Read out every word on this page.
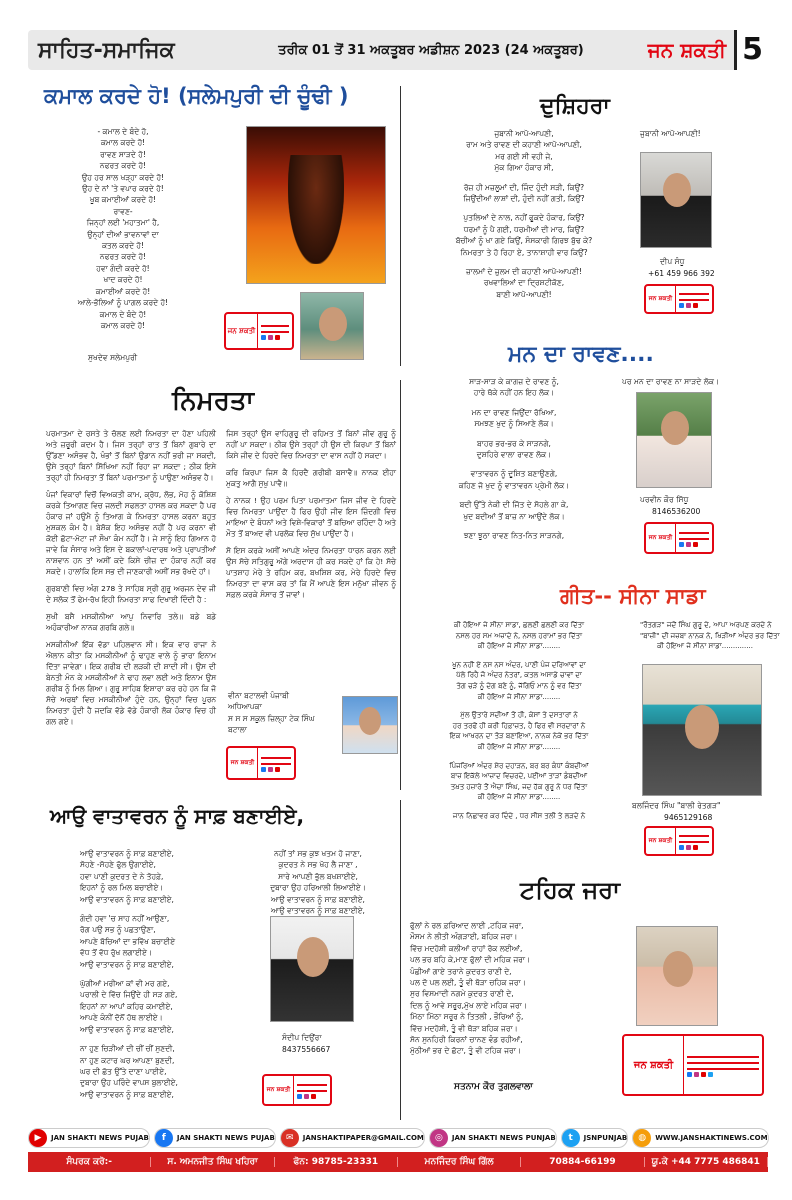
ਸਾਹਿਤ-ਸਮਾਜਿਕ	ਤਰੀਕ 01 ਤੋਂ 31 ਅਕਤੂਬਰ ਅਡੀਸ਼ਨ 2023 (24 ਅਕਤੂਬਰ)	ਜਨ ਸ਼ਕਤੀ 5
ਕਮਾਲ ਕਰਦੇ ਹੋ! (ਸਲੇਮਪੁਰੀ ਦੀ ਚੂੰਢੀ )
- ਕਮਾਲ ਦੇ ਬੰਦੇ ਹੋ,
ਕਮਾਲ ਕਰਦੇ ਹੋ!
ਰਾਵਣ ਸਾੜਦੇ ਹੋ!
ਨਫਰਤ ਕਰਦੇ ਹੋ!
ਉਹ ਹਰ ਸਾਲ ਖੜ੍ਹਾ ਕਰਦੇ ਹੋ!
ਉਹ ਦੇ ਨਾਂ 'ਤੇ ਵਪਾਰ ਕਰਦੇ ਹੋ!
ਖੂਬ ਕਮਾਈਆਂ ਕਰਦੇ ਹੋ!
ਰਾਵਣ-
ਜਿਨ੍ਹਾਂ ਲਈ 'ਮਹਾਤਮਾ' ਹੈ,
ਉਨ੍ਹਾਂ ਦੀਆਂ ਭਾਵਨਾਵਾਂ ਦਾ
ਕਤਲ ਕਰਦੇ ਹੋ!
ਨਫਰਤ ਕਰਦੇ ਹੋ!
ਹਵਾ ਗੰਦੀ ਕਰਦੇ ਹੋ!
ਖਾਦ ਕਰਦੇ ਹੋ!
ਕਮਾਈਆਂ ਕਰਦੇ ਹੋ!
ਆਲੇ-ਭੋਲਿਆਂ ਨੂੰ ਪਾਗਲ ਕਰਦੇ ਹੋ!
ਕਮਾਲ ਦੇ ਬੰਦੇ ਹੋ!
ਕਮਾਲ ਕਰਦੇ ਹੋ!
ਸੁਖਦੇਵ ਸਲੇਮਪੁਰੀ
ਜਨ ਸ਼ਕਤੀ
ਦੁਸ਼ਿਹਰਾ
ਜੁਬਾਨੀ ਆਪੋ-ਆਪਣੀ,
ਰਾਮ ਅਤੇ ਰਾਵਣ ਦੀ ਕਹਾਣੀ ਆਪੋ-ਆਪਣੀ,
ਮਰ ਗਈ ਸੀ ਵਹੀ ਜੇ,
ਮੁੱਕ ਗਿਆ ਹੰਕਾਰ ਸੀ,
ਰੋਜ਼ ਹੀ ਮਜ਼ਲੂਮਾਂ ਦੀ, ਜਿੰਦ ਹੁੰਦੀ ਸੜੀ, ਕਿਉਂ?
ਜਿਉਂਦੀਆਂ ਲਾਸ਼ਾਂ ਦੀ, ਹੁੰਦੀ ਨਹੀਂ ਗਤੀ, ਕਿਉਂ?
ਪੁਤਲਿਆਂ ਦੇ ਨਾਲ, ਨਹੀਂ ਫੂਕਦੇ ਹੰਕਾਰ, ਕਿਉਂ?
ਧਰਮਾਂ ਨੂੰ ਪੈ ਗਈ, ਧਰਮੀਆਂ ਦੀ ਮਾਰ, ਕਿਉਂ?
ਬੱਚੀਆਂ ਨੂੰ ਖਾ ਗਏ ਕਿਉਂ, ਸੰਸਕਾਰੀ ਗਿਰਝ ਬੁੱਢ ਕੇ?
ਨਿਮਰਤਾ ਤੇ ਹੋ ਰਿਹਾ ਏ, ਤਾਨਾਸ਼ਾਹੀ ਵਾਰ ਕਿਉਂ?
ਜ਼ਾਲਮਾਂ ਦੇ ਜ਼ੁਲਮ ਦੀ ਕਹਾਣੀ ਆਪੋ-ਆਪਣੀ!
ਰਖਵਾਲਿਆਂ ਦਾ ਦ੍ਰਿਸ਼ਟੀਕੋਣ,
ਬਾਣੀ ਆਪੋ-ਆਪਣੀ!
ਜੁਬਾਨੀ ਆਪੋ-ਆਪਣੀ!
ਦੀਪ ਸੰਧੂ
+61 459 966 392
ਜਨ ਸ਼ਕਤੀ
ਨਿਮਰਤਾ

ਪਰਮਾਤਮਾ ਦੇ ਰਸਤੇ ਤੇ ਚੱਲਣ ਲਈ ਨਿਮਰਤਾ ਦਾ ਹੋਣਾ ਪਹਿਲੀ ਅਤੇ ਜ਼ਰੂਰੀ ਕਦਮ ਹੈ। ਜਿਸ ਤਰ੍ਹਾਂ ਰਾਤ ਤੋਂ ਬਿਨਾਂ ਗੁਬਾਰੇ ਦਾ ਉੱਡਣਾ ਅਸੰਭਵ ਹੈ, ਖੰਭਾਂ ਤੋਂ ਬਿਨਾਂ ਉਡਾਨ ਨਹੀਂ ਭਰੀ ਜਾ ਸਕਦੀ, ਉਸੇ ਤਰ੍ਹਾਂ ਬਿਨਾਂ ਸਿੱਖਿਆ ਨਹੀਂ ਰਿਹਾ ਜਾ ਸਕਦਾ ; ਠੀਕ ਇਸੇ ਤਰ੍ਹਾਂ ਹੀ ਨਿਮਰਤਾ ਤੋਂ ਬਿਨਾਂ ਪਰਮਾਤਮਾ ਨੂੰ ਪਾਉਣਾ ਅਸੰਭਵ ਹੈ।

ਪੰਜਾਂ ਵਿਕਾਰਾਂ ਵਿਚੋਂ ਵਿਅਕਤੀ ਕਾਮ, ਕ੍ਰੋਧ, ਲੋਭ, ਮੋਹ ਨੂੰ ਕੋਸ਼ਿਸ਼ ਕਰਕੇ ਤਿਆਗਣ ਵਿਚ ਜਲਦੀ ਸਫਲਤਾ ਹਾਸਲ ਕਰ ਸਕਦਾ ਹੈ ਪਰ ਹੰਕਾਰ ਜਾਂ ਹਉਮੈ ਨੂੰ ਤਿਆਗ ਕੇ ਨਿਮਰਤਾ ਹਾਸਲ ਕਰਨਾ ਬਹੁਤ ਮੁਸ਼ਕਲ ਕੰਮ ਹੈ। ਬੇਸ਼ੱਕ ਇਹ ਅਸੰਭਵ ਨਹੀਂ ਹੈ ਪਰ ਕਰਨਾ ਵੀ ਕੋਈ ਛੋਟਾ-ਮੋਟਾ ਜਾਂ ਸੌਖਾ ਕੰਮ ਨਹੀਂ ਹੈ। ਜੇ ਸਾਨੂੰ ਇਹ ਗਿਆਨ ਹੋ ਜਾਵੇ ਕਿ ਸੰਸਾਰ ਅਤੇ ਇਸ ਦੇ ਬਕਾਲਾਂ-ਪਦਾਰਥ ਅਤੇ ਪ੍ਰਾਪਤੀਆਂ ਨਾਸ਼ਵਾਨ ਹਨ ਤਾਂ ਅਸੀਂ ਕਦੇ ਕਿਸੇ ਚੀਜ਼ ਦਾ ਹੰਕਾਰ ਨਹੀਂ ਕਰ ਸਕਦੇ। ਹਾਲਾਂਕਿ ਇਸ ਸਭ ਦੀ ਜਾਣਕਾਰੀ ਅਸੀਂ ਸਭ ਰੱਖਦੇ ਹਾਂ।

ਗੁਰਬਾਣੀ ਵਿਚ ਅੰਗ 278 ਤੇ ਸਾਹਿਬ ਸ੍ਰੀ ਗੁਰੂ ਅਰਜਨ ਦੇਵ ਜੀ ਦੇ ਸਲੋਕ ਤੋਂ ਫੇਮ-ਰੱਖ ਇਹੀ ਨਿਮਰਤਾ ਸਾਫ ਦਿਖਾਈ ਦਿੰਦੀ ਹੈ :

ਸੁਖੀ ਬਸੈ ਮਸਕੀਨੀਆ ਆਪੁ ਨਿਵਾਰਿ ਤਲੇ॥ ਬਡੇ ਬਡੇ ਅਹੰਕਾਰੀਆ ਨਾਨਕ ਗਰਬਿ ਗਲੇ॥

ਮਸਕੀਨੀਆਂ ਇੱਕ ਵੱਡਾ ਪਹਿਲਵਾਨ ਸੀ। ਇਕ ਵਾਰ ਰਾਜਾ ਨੇ ਐਲਾਨ ਕੀਤਾ ਕਿ ਮਸਕੀਨੀਆਂ ਨੂੰ ਢਾਹੁਣ ਵਾਲੇ ਨੂੰ ਭਾਰਾ ਇਨਾਮ ਦਿੱਤਾ ਜਾਵੇਗਾ। ਇਕ ਗਰੀਬ ਦੀ ਲੜਕੀ ਦੀ ਸ਼ਾਦੀ ਸੀ। ਉਸ ਦੀ ਬੇਨਤੀ ਮੰਨ ਕੇ ਮਸਕੀਨੀਆਂ ਨੇ ਢਾਹ ਲਵਾ ਲਈ ਅਤੇ ਇਨਾਮ ਉਸ ਗਰੀਬ ਨੂੰ ਮਿਲ ਗਿਆ। ਗੁਰੂ ਸਾਹਿਬ ਇਸ਼ਾਰਾ ਕਰ ਰਹੇ ਹਨ ਕਿ ਜੋ ਸੱਚੇ ਅਰਥਾਂ ਵਿਚ ਮਸਕੀਨੀਆਂ ਹੁੰਦੇ ਹਨ, ਉਨ੍ਹਾਂ ਵਿਚ ਪੂਰਨ ਨਿਮਰਤਾ ਹੁੰਦੀ ਹੈ ਜਦਕਿ ਵੱਡੇ ਵੱਡੇ ਹੰਕਾਰੀ ਲੋਕ ਹੰਕਾਰ ਵਿਚ ਹੀ ਗਲ ਗਏ।

ਜਿਸ ਤਰ੍ਹਾਂ ਉਸ ਵਾਹਿਗੁਰੂ ਦੀ ਰਹਿਮਤ ਤੋਂ ਬਿਨਾਂ ਜੀਵ ਗੁਰੂ ਨੂੰ ਨਹੀਂ ਪਾ ਸਕਦਾ। ਠੀਕ ਉਸੇ ਤਰ੍ਹਾਂ ਹੀ ਉਸ ਦੀ ਕਿਰਪਾ ਤੋਂ ਬਿਨਾਂ ਕਿਸੇ ਜੀਵ ਦੇ ਹਿਰਦੇ ਵਿਚ ਨਿਮਰਤਾ ਦਾ ਵਾਸ ਨਹੀਂ ਹੋ ਸਕਦਾ।

ਕਰਿ ਕਿਰਪਾ ਜਿਸ ਕੈ ਹਿਰਦੈ ਗਰੀਬੀ ਬਸਾਵੈ॥ ਨਾਨਕ ਈਹਾ ਮੁਕਤੁ ਆਗੈ ਸੁਖੁ ਪਾਵੈ॥

ਹੇ ਨਾਨਕ ! ਉਹ ਪਰਮ ਪਿਤਾ ਪਰਮਾਤਮਾ ਜਿਸ ਜੀਵ ਦੇ ਹਿਰਦੇ ਵਿਚ ਨਿਮਰਤਾ ਪਾਉਂਦਾ ਹੈ ਫਿਰ ਉਹੀ ਜੀਵ ਇਸ ਜ਼ਿੰਦਗੀ ਵਿਚ ਮਾਇਆ ਦੇ ਬੰਧਨਾਂ ਅਤੇ ਵਿਸ਼ੇ-ਵਿਕਾਰਾਂ ਤੋਂ ਬਚਿਆ ਰਹਿੰਦਾ ਹੈ ਅਤੇ ਮੌਤ ਤੋਂ ਬਾਅਦ ਵੀ ਪਰਲੋਕ ਵਿਚ ਸੁੱਖ ਪਾਉਂਦਾ ਹੈ।

ਸੋ ਇਸ ਕਰਕੇ ਅਸੀਂ ਆਪਣੇ ਅੰਦਰ ਨਿਮਰਤਾ ਧਾਰਨ ਕਰਨ ਲਈ ਉਸ ਸੱਚੇ ਸਤਿਗੁਰੂ ਅੱਗੇ ਅਰਦਾਸ ਹੀ ਕਰ ਸਕਦੇ ਹਾਂ ਕਿ ਹੇ! ਸੱਚੇ ਪਾਤਸ਼ਾਹ ਮੇਰੇ ਤੇ ਰਹਿਮ ਕਰ, ਬਖਸ਼ਿਸ਼ ਕਰ, ਮੇਰੇ ਹਿਰਦੇ ਵਿਚ ਨਿਮਰਤਾ ਦਾ ਵਾਸ ਕਰ ਤਾਂ ਕਿ ਮੈਂ ਆਪਣੇ ਇਸ ਮਨੁੱਖਾ ਜੀਵਨ ਨੂੰ ਸਫ਼ਲ ਕਰਕੇ ਸੰਸਾਰ ਤੋਂ ਜਾਵਾਂ।

ਵੀਨਾ ਬਟਾਲਵੀ ਪੰਜਾਬੀ
ਅਧਿਆਪਕਾ
ਸ ਸ ਸ ਸਕੂਲ ਜ਼ਿਲ੍ਹਾ ਟੇਕ ਸਿੰਘ
ਬਟਾਲਾ
ਜਨ ਸ਼ਕਤੀ
ਮਨ ਦਾ ਰਾਵਣ....
ਸਾੜ-ਸਾੜ ਕੇ ਕਾਗਜ਼ ਦੇ ਰਾਵਣ ਨੂੰ,
ਹਾਰੇ ਥੱਕੇ ਨਹੀਂ ਹਨ ਇਹ ਲੋਕ।
ਮਨ ਦਾ ਰਾਵਣ ਜਿਉਂਦਾ ਰੱਖਿਆ,
ਸਮਝਣ ਖੁਦ ਨੂੰ ਸਿਆਣੇ ਲੋਕ।
ਬਾਹਰ ਭਰ-ਭਰ ਕੇ ਸਾੜਨਗੇ,
ਦੁਸ਼ਹਿਰੇ ਵਾਲਾ ਰਾਵਣ ਲੋਕ।
ਵਾਤਾਵਰਨ ਨੂੰ ਦੂਸ਼ਿਤ ਬਣਾਉਣਗੇ,
ਕਹਿਣ ਜੋ ਖੁਦ ਨੂੰ ਵਾਤਾਵਰਨ ਪ੍ਰੇਮੀ ਲੋਕ।
ਬਦੀ ਉੱਤੇ ਨੇਕੀ ਦੀ ਜਿੱਤ ਦੇ ਸੋਹਲੇ ਗਾ ਕੇ,
ਖੁਦ ਬਦੀਆਂ ਤੋਂ ਬਾਜ਼ ਨਾ ਆਉਂਦੇ ਲੋਕ।
ਝਣਾ ਝੂਠਾ ਰਾਵਣ ਨਿਤ-ਨਿਤ ਸਾੜਨਗੇ,
ਪਰ ਮਨ ਦਾ ਰਾਵਣ ਨਾ ਸਾੜਦੇ ਲੋਕ।
ਪਰਵੀਨ ਕੌਰ ਸਿੱਧੂ
8146536200
ਜਨ ਸ਼ਕਤੀ
ਗੀਤ-- ਸੀਨਾ ਸਾਡਾ
ਕੀ ਹੋਇਆ ਜੇ ਸੀਨਾ ਸਾਡਾ, ਛਲਣੀ ਛਲਣੀ ਕਰ ਦਿੱਤਾ
ਨਸਲ ਹਰ ਸਮ ਅਜ਼ਾਦੇ ਨੇ, ਨਸਲ ਹਰਾਮਾਂ ਭਰ ਦਿੱਤਾ
ਕੀ ਹੋਇਆ ਜੇ ਸੀਨਾ ਸਾਡਾ........
ਖੂਨ ਨਹੀਂ ਏ ਨਸ ਨਸ ਅੰਦਰ, ਪਾਣੀ ਪੰਜ ਦਰਿਆਵਾਂ ਦਾ
ਪੱਲੇ ਰਿਹੈ ਜੋ ਅੰਦਰ ਨੇਤਰਾਂ, ਕਤਲ ਅਸਾਡੇ ਚਾਵਾਂ ਦਾ
ਤੇਗ ਚੜੇ ਨੂੰ ਦੇਗ ਬਣੇ ਨੂੰ, ਜੱਗਿਓ ਮਾਨ ਨੂੰ ਵਰ ਦਿੱਤਾ
ਕੀ ਹੋਇਆ ਜੇ ਸੀਨਾ ਸਾਡਾ........
ਮੁੱਲ ਉਤਾਰੇ ਸਦੀਆਂ ਤੋਂ ਹੀ, ਕੇਸਾਂ ਤੇ ਦਸਤਾਰਾਂ ਨੇ
ਹਰ ਤਰਫੋਂ ਹੀ ਕਰੀ ਹਿਫ਼ਾਜ਼ਤ, ਹੈ ਫਿਰ ਵੀ ਸਰਦਾਰਾਂ ਨੇ
ਇਕ ਆਖਰਨ ਦਾ ਤੋੜ ਬਣਾਇਆ, ਨਾਨਕ ਨੇਕੇਂ ਭਰ ਦਿੱਤਾ
ਕੀ ਹੋਇਆ ਜੇ ਸੀਨਾ ਸਾਡਾ........
ਪਿੰਜਰਿਆਂ ਅੰਦਰ ਸ਼ੇਰ ਦਹਾੜਨ, ਬਰ ਬਰ ਕੰਧਾਂ ਕੰਬਦੀਆਂ
ਬਾਜ਼ ਇਕੱਲੇ ਆਜ਼ਾਦ ਵਿਚਰਦੇ, ਪਈਆਂ ਤਾੜਾਂ ਡੰਬਦੀਆਂ
ਤਖ਼ਤ ਹਜ਼ਾਰੇ ਤੋਂ ਐਚਾ ਸਿੰਘ, ਜਦ ਹੱਕ ਗੁਰੂ ਨੇ ਧਰ ਦਿੱਤਾ
ਕੀ ਹੋਇਆ ਜੇ ਸੀਨਾ ਸਾਡਾ........
ਜਾਨ ਨਿਛਾਵਰ ਕਰ ਦਿੰਦੇ , ਧਰ ਸੀਸ ਤਲੀ ਤੇ ਲੜਦੇ ਨੇ
"ਰੌਤਗੜ" ਜਦੋਂ ਸਿੰਘ ਗੁਰੂ ਦੇ, ਆਪਾ ਅਰਪਣ ਕਰਦੇ ਨੇ
"ਬਾਜ਼ੀ" ਦੀ ਜਜ਼ਬਾ ਨਾਨਕ ਨੇ, ਖਿੜੀਆਂ ਅੰਦਰ ਭਰ ਦਿੱਤਾ
ਕੀ ਹੋਇਆ ਜੇ ਸੀਨਾ ਸਾਡਾ..............
ਬਲਜਿੰਦਰ ਸਿੰਘ "ਬਾਲੀ ਰੇਤਗੜ"
9465129168
ਜਨ ਸ਼ਕਤੀ
ਆਉ ਵਾਤਾਵਰਨ ਨੂੰ ਸਾਫ਼ ਬਣਾਈਏ,
ਆਉ ਵਾਤਾਵਰਨ ਨੂੰ ਸਾਫ਼ ਬਣਾਈਏ,
ਸੋਹਣੇ -ਸੋਹਣੇ ਫੁੱਲ ਉਗਾਈਏ,
ਹਵਾ ਪਾਣੀ ਕੁਦਰਤ ਦੇ ਨੇ ਤੋਹਫ਼ੇ,
ਇਹਨਾਂ ਨੂੰ ਰਲ ਮਿਲ ਬਚਾਈਏ।
ਆਉ ਵਾਤਾਵਰਨ ਨੂੰ ਸਾਫ਼ ਬਣਾਈਏ,
ਗੰਦੀ ਹਵਾ 'ਚ ਸਾਹ ਨਹੀਂ ਆਉਣਾ,
ਰੋਗ ਪਉ ਸਭ ਨੂੰ ਪਛਤਾਉਣਾ,
ਆਪਣੇ ਬੱਚਿਆਂ ਦਾ ਭਵਿੱਖ ਬਚਾਈਏ
ਵੱਧ ਤੋਂ ਵੱਧ ਰੁੱਖ ਲਗਾਈਏ।
ਆਉ ਵਾਤਾਵਰਨ ਨੂੰ ਸਾਫ਼ ਬਣਾਈਏ,
ਘੁੱਗੀਆਂ ਮਰੀਆ ਕਾਂ ਵੀ ਮਰ ਗਏ,
ਪਰਾਲੀ ਦੇ ਵਿੱਚ ਜਿਉਂਦੇ ਹੀ ਸੜ ਗਏ,
ਇਹਨਾਂ ਨਾ ਆਪਾਂ ਕਹਿਰ ਕਮਾਈਏ,
ਆਪਣੇ ਕੰਨੀਂ ਦੋਨੋਂ ਹੱਥ ਲਾਈਏ।
ਆਉ ਵਾਤਾਵਰਨ ਨੂੰ ਸਾਫ਼ ਬਣਾਈਏ,
ਨਾ ਹੁਣ ਚਿੜੀਆਂ ਦੀ ਚੀਂ ਚੀਂ ਸੁਣਦੀ,
ਨਾ ਹੁਣ ਕਟਾਰ ਘਰ ਆਪਣਾ ਬੁਣਦੀ,
ਘਰ ਦੀ ਛੱਤ ਉੱਤੇ ਦਾਣਾ ਪਾਈਏ,
ਦੁਬਾਰਾ ਉਹ ਪਰਿੰਦੇ ਵਾਪਸ ਬੁਲਾਈਏ,
ਆਉ ਵਾਤਾਵਰਨ ਨੂੰ ਸਾਫ਼ ਬਣਾਈਏ,
ਨਹੀਂ ਤਾਂ ਸਭ ਕੁਝ ਖਤਮ ਹੋ ਜਾਣਾ,
ਕੁਦਰਤ ਨੇ ਸਭ ਖੋਹ ਲੈ ਜਾਣਾ ,
ਸਾਰੇ ਆਪਣੀ ਭੁੱਲ ਬਖਸ਼ਾਈਏ,
ਦੁਬਾਰਾ ਉਹ ਹਰਿਆਲੀ ਲਿਆਈਏ।
ਆਉ ਵਾਤਾਵਰਨ ਨੂੰ ਸਾਫ਼ ਬਣਾਈਏ,
ਆਉ ਵਾਤਾਵਰਨ ਨੂੰ ਸਾਫ਼ ਬਣਾਈਏ,
ਸੰਦੀਪ ਦਿਉਂਰਾ
8437556667
ਜਨ ਸ਼ਕਤੀ
ਟਹਿਕ ਜਰਾ
ਫੁੱਲਾਂ ਨੇ ਰਲ ਫ਼ਰਿਆਦ ਲਾਈ ,ਟਹਿਕ ਜਰਾ,
ਮੌਸਮ ਨੇ ਲੀਤੀ ਅੰਗੜਾਈ, ਬਹਿਕ ਜਰਾ।
ਵਿੱਚ ਮਦਹੋਸ਼ੀ ਕਲੀਆਂ ਰਾਹਾਂ ਰੋਕ ਲਈਆਂ,
ਪਲ ਭਰ ਬਹਿ ਕੇ,ਮਾਣ ਫੁੱਲਾਂ ਦੀ ਮਹਿਕ ਜਰਾ।
ਪੰਛੀਆਂ ਗਾਏ ਤਰਾਨੇ ਕੁਦਰਤ ਰਾਣੀ ਦੇ,
ਪਲ ਦੋ ਪਲ ਲਈ, ਤੂੰ ਵੀ ਥੋੜਾ ਚਹਿਕ ਜਰਾ।
ਸੁਰ ਵਿਸਮਾਦੀ ਨਗਮੇ ਕੁਦਰਤ ਰਾਣੀ ਦੇ,
ਦਿਲ ਨੂੰ ਆਵੇ ਸਰੂਰ,ਮੁੱਖ ਲਾਏ ਮਹਿਕ ਜਰਾ।
ਮਿੱਠਾ ਮਿੱਠਾ ਸਰੂਰ ਨੇ ਤਿਤਲੀ , ਭੌਰਿਆਂ ਨੂੰ,
ਵਿੱਚ ਮਦਹੋਸ਼ੀ, ਤੂੰ ਵੀ ਥੋੜਾ ਬਹਿਕ ਜਰਾ।
ਸੋਨ ਸੁਨਹਿਰੀ ਕਿਰਨਾਂ ਚਾਨਣ ਵੰਡ ਰਹੀਆਂ,
ਮੁੱਠੀਆਂ ਭਰ ਦੇ ਛੱਟਾ, ਤੂੰ ਵੀ ਟਹਿਕ ਜਰਾ।
ਸਤਨਾਮ ਕੌਰ ਤੁਗਲਵਾਲਾ
ਜਨ ਸ਼ਕਤੀ
▶	JAN SHAKTI NEWS PUJAB	f	JAN SHAKTI NEWS PUJAB	✉	JANSHAKTIPAPER@GMAIL.COM	◎	JAN SHAKTI NEWS PUNJAB	t	JSNPUNJAB	◍	WWW.JANSHAKTINEWS.COM
ਸੰਪਰਕ ਕਰੋ:-	ਸ. ਅਮਨਜੀਤ ਸਿੰਘ ਖਹਿਰਾ	ਫੋਨ: 98785-23331	ਮਨਜਿੰਦਰ ਸਿੰਘ ਗਿੱਲ	70884-66199	ਯੂ.ਕੇ +44 7775 486841
